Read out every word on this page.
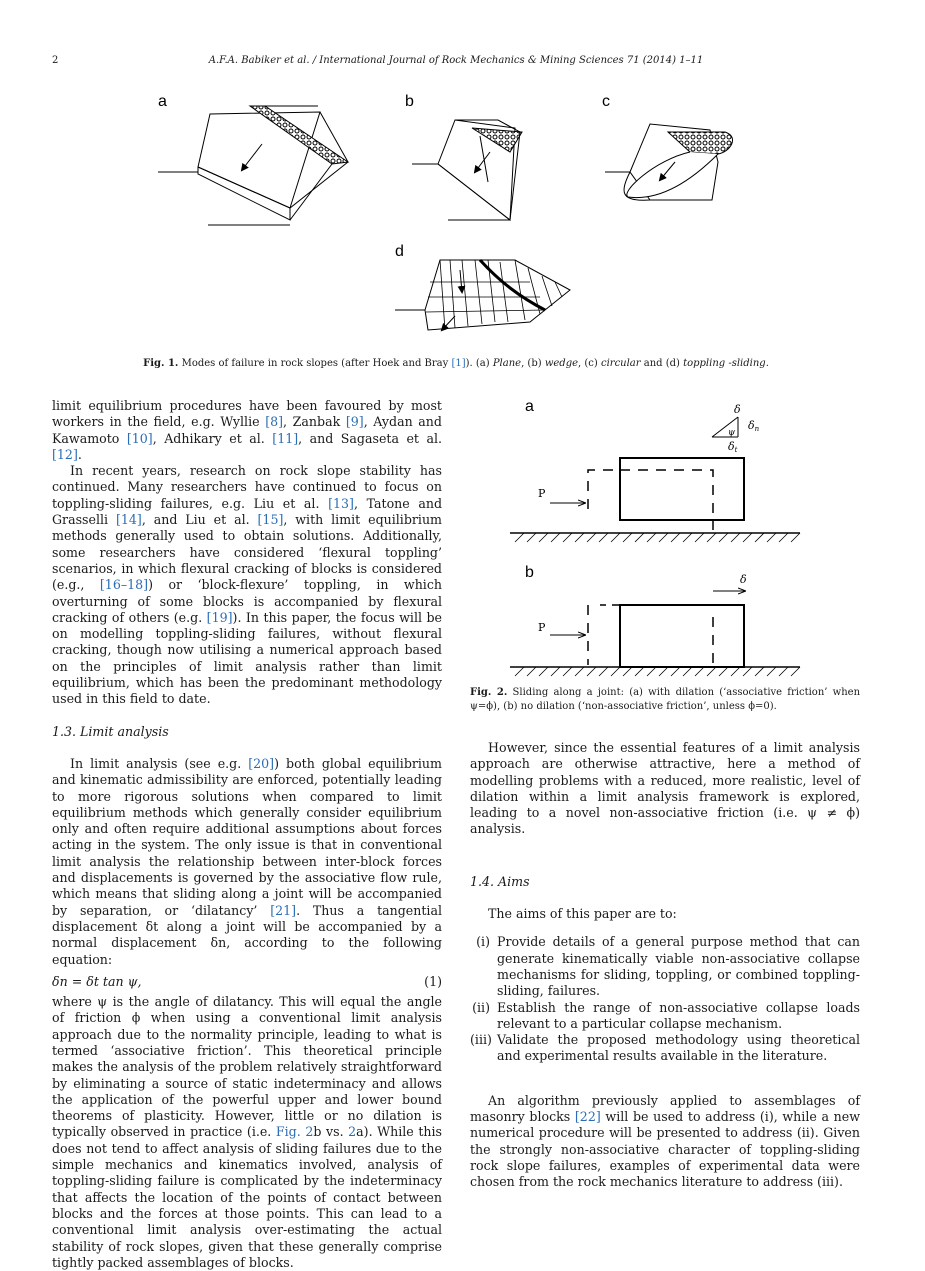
2	A.F.A. Babiker et al. / International Journal of Rock Mechanics & Mining Sciences 71 (2014) 1–11
a	b	c
d
Fig. 1. Modes of failure in rock slopes (after Hoek and Bray [1]). (a) Plane, (b) wedge, (c) circular and (d) toppling -sliding.

limit equilibrium procedures have been favoured by most workers in the field, e.g. Wyllie [8], Zanbak [9], Aydan and Kawamoto [10], Adhikary et al. [11], and Sagaseta et al. [12].

In recent years, research on rock slope stability has continued. Many researchers have continued to focus on toppling-sliding failures, e.g. Liu et al. [13], Tatone and Grasselli [14], and Liu et al. [15], with limit equilibrium methods generally used to obtain solutions. Additionally, some researchers have considered ‘flexural toppling’ scenarios, in which flexural cracking of blocks is considered (e.g., [16–18]) or ‘block-flexure’ toppling, in which overturning of some blocks is accompanied by flexural cracking of others (e.g. [19]). In this paper, the focus will be on modelling toppling-sliding failures, without flexural cracking, though now utilising a numerical approach based on the principles of limit analysis rather than limit equilibrium, which has been the predominant methodology used in this field to date.

1.3. Limit analysis

In limit analysis (see e.g. [20]) both global equilibrium and kinematic admissibility are enforced, potentially leading to more rigorous solutions when compared to limit equilibrium methods which generally consider equilibrium only and often require additional assumptions about forces acting in the system. The only issue is that in conventional limit analysis the relationship between inter-block forces and displacements is governed by the associative flow rule, which means that sliding along a joint will be accompanied by separation, or ‘dilatancy’ [21]. Thus a tangential displacement δt along a joint will be accompanied by a normal displacement δn, according to the following equation:

δn = δt tan ψ,	(1)

where ψ is the angle of dilatancy. This will equal the angle of friction ϕ when using a conventional limit analysis approach due to the normality principle, leading to what is termed ‘associative friction’. This theoretical principle makes the analysis of the problem relatively straightforward by eliminating a source of static indeterminacy and allows the application of the powerful upper and lower bound theorems of plasticity. However, little or no dilation is typically observed in practice (i.e. Fig. 2b vs. 2a). While this does not tend to affect analysis of sliding failures due to the simple mechanics and kinematics involved, analysis of toppling-sliding failure is complicated by the indeterminacy that affects the location of the points of contact between blocks and the forces at those points. This can lead to a conventional limit analysis over-estimating the actual stability of rock slopes, given that these generally comprise tightly packed assemblages of blocks.

a
b
δ
δn
δt
ψ
P
δ
P
Fig. 2. Sliding along a joint: (a) with dilation (‘associative friction’ when ψ=ϕ), (b) no dilation (‘non-associative friction’, unless ϕ=0).

However, since the essential features of a limit analysis approach are otherwise attractive, here a method of modelling problems with a reduced, more realistic, level of dilation within a limit analysis framework is explored, leading to a novel non-associative friction (i.e. ψ ≠ ϕ) analysis.

1.4. Aims

The aims of this paper are to:

(i) Provide details of a general purpose method that can generate kinematically viable non-associative collapse mechanisms for sliding, toppling, or combined toppling-sliding, failures.
(ii) Establish the range of non-associative collapse loads relevant to a particular collapse mechanism.
(iii) Validate the proposed methodology using theoretical and experimental results available in the literature.

An algorithm previously applied to assemblages of masonry blocks [22] will be used to address (i), while a new numerical procedure will be presented to address (ii). Given the strongly non-associative character of toppling-sliding rock slope failures, examples of experimental data were chosen from the rock mechanics literature to address (iii).
